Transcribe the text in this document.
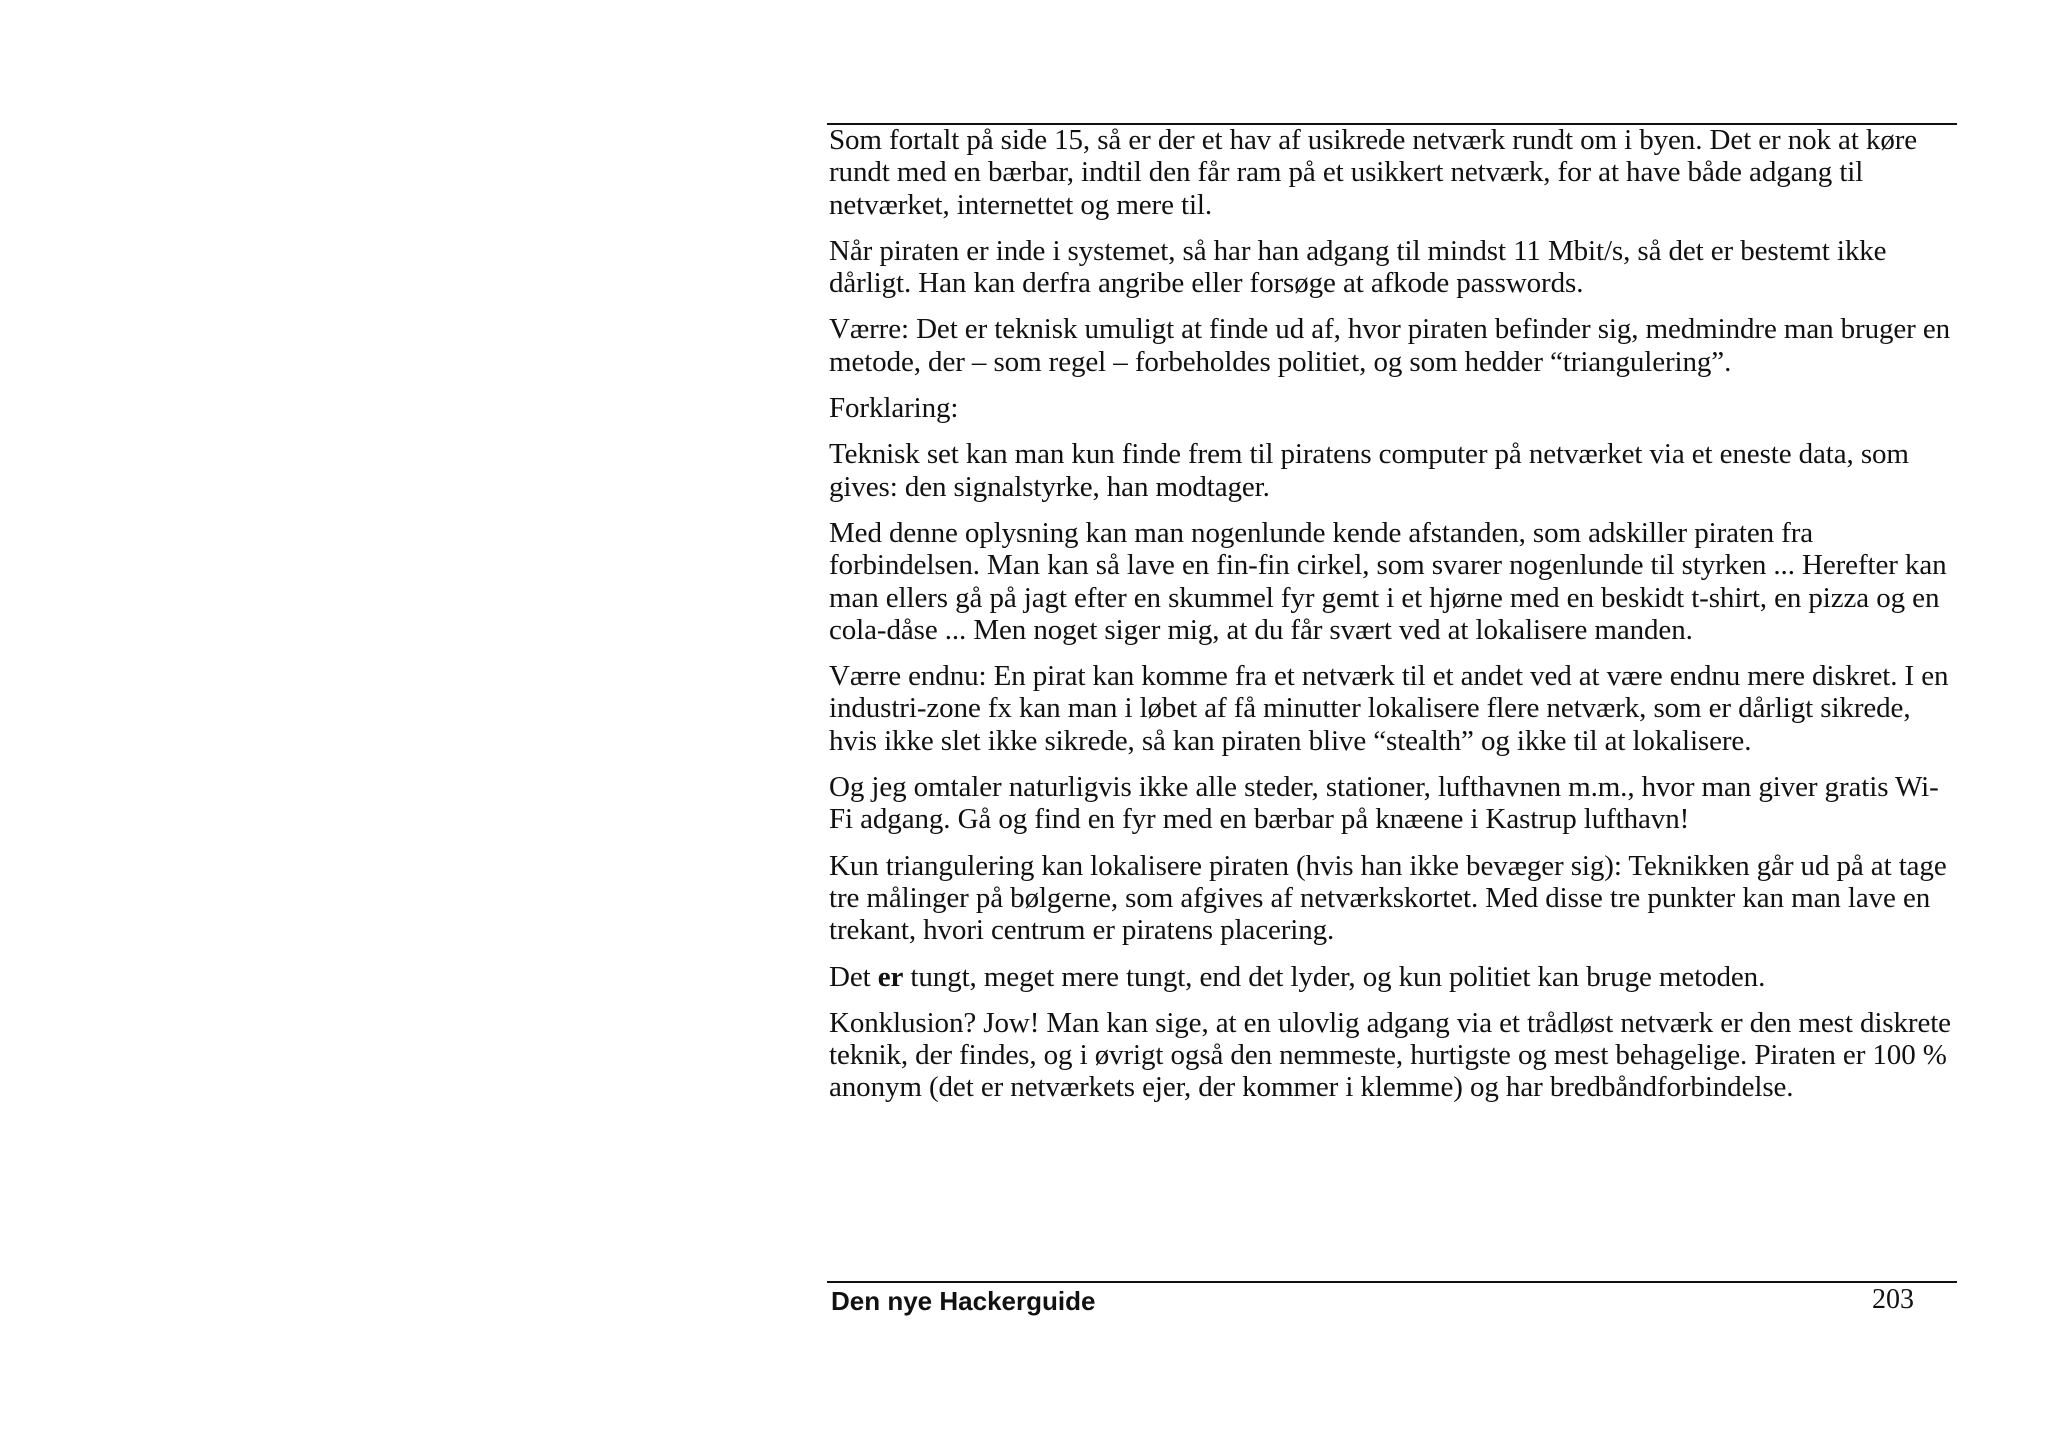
Som fortalt på side 15, så er der et hav af usikrede netværk rundt om i byen. Det er nok at køre rundt med en bærbar, indtil den får ram på et usikkert netværk, for at have både adgang til netværket, internettet og mere til.

Når piraten er inde i systemet, så har han adgang til mindst 11 Mbit/s, så det er bestemt ikke dårligt. Han kan derfra angribe eller forsøge at afkode passwords.

Værre: Det er teknisk umuligt at finde ud af, hvor piraten befinder sig, medmindre man bruger en metode, der – som regel – forbeholdes politiet, og som hedder “triangulering”.

Forklaring:

Teknisk set kan man kun finde frem til piratens computer på netværket via et eneste data, som gives: den signalstyrke, han modtager.

Med denne oplysning kan man nogenlunde kende afstanden, som adskiller piraten fra forbindelsen. Man kan så lave en fin-fin cirkel, som svarer nogenlunde til styrken ... Herefter kan man ellers gå på jagt efter en skummel fyr gemt i et hjørne med en beskidt t-shirt, en pizza og en cola-dåse ... Men noget siger mig, at du får svært ved at lokalisere manden.

Værre endnu: En pirat kan komme fra et netværk til et andet ved at være endnu mere diskret. I en industri-zone fx kan man i løbet af få minutter lokalisere flere netværk, som er dårligt sikrede, hvis ikke slet ikke sikrede, så kan piraten blive “stealth” og ikke til at lokalisere.

Og jeg omtaler naturligvis ikke alle steder, stationer, lufthavnen m.m., hvor man giver gratis Wi-Fi adgang. Gå og find en fyr med en bærbar på knæene i Kastrup lufthavn!

Kun triangulering kan lokalisere piraten (hvis han ikke bevæger sig): Teknikken går ud på at tage tre målinger på bølgerne, som afgives af netværkskortet. Med disse tre punkter kan man lave en trekant, hvori centrum er piratens placering.

Det er tungt, meget mere tungt, end det lyder, og kun politiet kan bruge metoden.

Konklusion? Jow! Man kan sige, at en ulovlig adgang via et trådløst netværk er den mest diskrete teknik, der findes, og i øvrigt også den nemmeste, hurtigste og mest behagelige. Piraten er 100 % anonym (det er netværkets ejer, der kommer i klemme) og har bredbåndforbindelse.

Den nye Hackerguide	203
